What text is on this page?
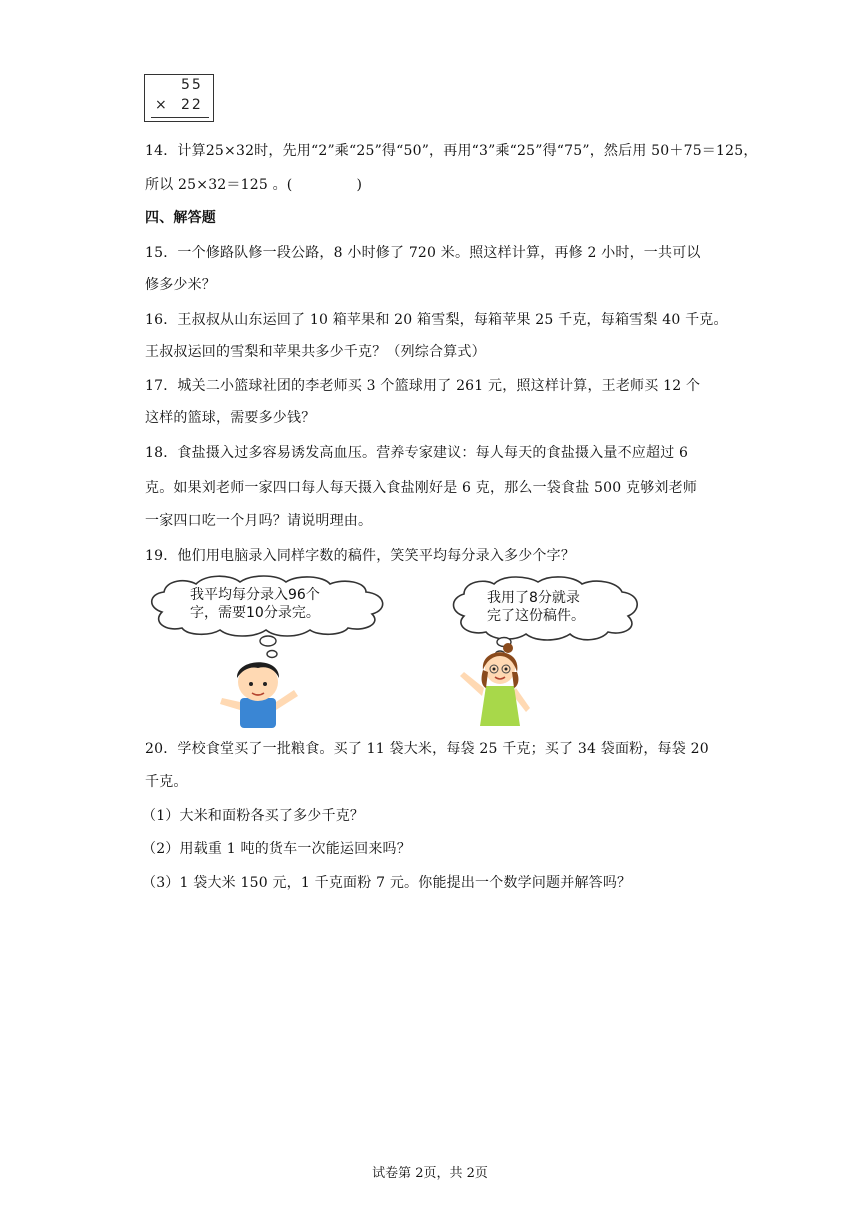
55
× 22
14．计算25×32时，先用“2”乘“25”得“50”，再用“3”乘“25”得“75”，然后用 50＋75＝125，
所以 25×32＝125 。(	)
四、解答题
15．一个修路队修一段公路，8 小时修了 720 米。照这样计算，再修 2 小时，一共可以
修多少米？
16．王叔叔从山东运回了 10 箱苹果和 20 箱雪梨，每箱苹果 25 千克，每箱雪梨 40 千克。
王叔叔运回的雪梨和苹果共多少千克？（列综合算式）
17．城关二小篮球社团的李老师买 3 个篮球用了 261 元，照这样计算，王老师买 12 个
这样的篮球，需要多少钱？
18．食盐摄入过多容易诱发高血压。营养专家建议：每人每天的食盐摄入量不应超过 6
克。如果刘老师一家四口每人每天摄入食盐刚好是 6 克，那么一袋食盐 500 克够刘老师
一家四口吃一个月吗？请说明理由。
19．他们用电脑录入同样字数的稿件，笑笑平均每分录入多少个字？
我平均每分录入96个
字，需要10分录完。
我用了8分就录
完了这份稿件。
20．学校食堂买了一批粮食。买了 11 袋大米，每袋 25 千克；买了 34 袋面粉，每袋 20
千克。
（1）大米和面粉各买了多少千克？
（2）用载重 1 吨的货车一次能运回来吗？
（3）1 袋大米 150 元，1 千克面粉 7 元。你能提出一个数学问题并解答吗？
试卷第 2页，共 2页
